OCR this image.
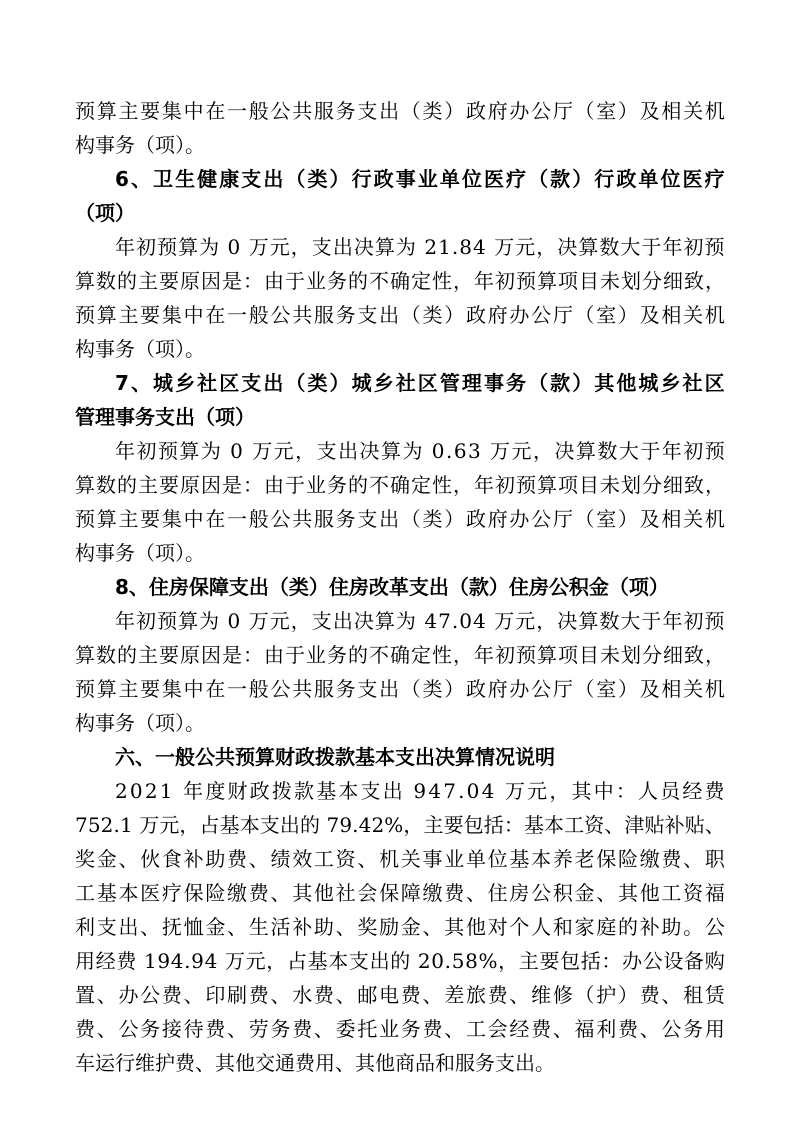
预 算 主 要 集 中 在 一 般 公 共 服 务 支 出 （ 类 ） 政 府 办 公 厅 （ 室 ） 及 相 关 机
构事务（项）。
6 、 卫 生 健 康 支 出 （ 类 ） 行 政 事 业 单 位 医 疗 （ 款 ） 行 政 单 位 医 疗
（项）
年 初 预 算 为
0
万 元 ， 支 出 决 算 为
2 1 . 8 4
万 元 ， 决 算 数 大 于 年 初 预
算 数 的 主 要 原 因 是 ： 由 于 业 务 的 不 确 定 性 ， 年 初 预 算 项 目 未 划 分 细 致 ，
预 算 主 要 集 中 在 一 般 公 共 服 务 支 出 （ 类 ） 政 府 办 公 厅 （ 室 ） 及 相 关 机
构事务（项）。
7 、 城 乡 社 区 支 出 （ 类 ） 城 乡 社 区 管 理 事 务 （ 款 ） 其 他 城 乡 社 区
管理事务支出（项）
年 初 预 算 为
0
万 元 ， 支 出 决 算 为
0 . 6 3
万 元 ， 决 算 数 大 于 年 初 预
算 数 的 主 要 原 因 是 ： 由 于 业 务 的 不 确 定 性 ， 年 初 预 算 项 目 未 划 分 细 致 ，
预 算 主 要 集 中 在 一 般 公 共 服 务 支 出 （ 类 ） 政 府 办 公 厅 （ 室 ） 及 相 关 机
构事务（项）。
8、住房保障支出（类）住房改革支出（款）住房公积金（项）
年 初 预 算 为
0
万 元 ， 支 出 决 算 为
4 7 . 0 4
万 元 ， 决 算 数 大 于 年 初 预
算 数 的 主 要 原 因 是 ： 由 于 业 务 的 不 确 定 性 ， 年 初 预 算 项 目 未 划 分 细 致 ，
预 算 主 要 集 中 在 一 般 公 共 服 务 支 出 （ 类 ） 政 府 办 公 厅 （ 室 ） 及 相 关 机
构事务（项）。
六、一般公共预算财政拨款基本支出决算情况说明
2 0 2 1
年 度 财 政 拨 款 基 本 支 出
9 4 7 . 0 4
万 元 ， 其 中 ： 人 员 经 费
7 5 2 . 1
万 元 ， 占 基 本 支 出 的
7 9 . 4 2 % ， 主 要 包 括 ： 基 本 工 资 、 津 贴 补 贴 、
奖 金 、 伙 食 补 助 费 、 绩 效 工 资 、 机 关 事 业 单 位 基 本 养 老 保 险 缴 费 、 职
工 基 本 医 疗 保 险 缴 费 、 其 他 社 会 保 障 缴 费 、 住 房 公 积 金 、 其 他 工 资 福
利 支 出 、 抚 恤 金 、 生 活 补 助 、 奖 励 金 、 其 他 对 个 人 和 家 庭 的 补 助 。 公
用 经 费
1 9 4 . 9 4
万 元 ， 占 基 本 支 出 的
2 0 . 5 8 % ， 主 要 包 括 ： 办 公 设 备 购
置 、 办 公 费 、 印 刷 费 、 水 费 、 邮 电 费 、 差 旅 费 、 维 修 （ 护 ） 费 、 租 赁
费 、 公 务 接 待 费 、 劳 务 费 、 委 托 业 务 费 、 工 会 经 费 、 福 利 费 、 公 务 用
车运行维护费、其他交通费用、其他商品和服务支出。
